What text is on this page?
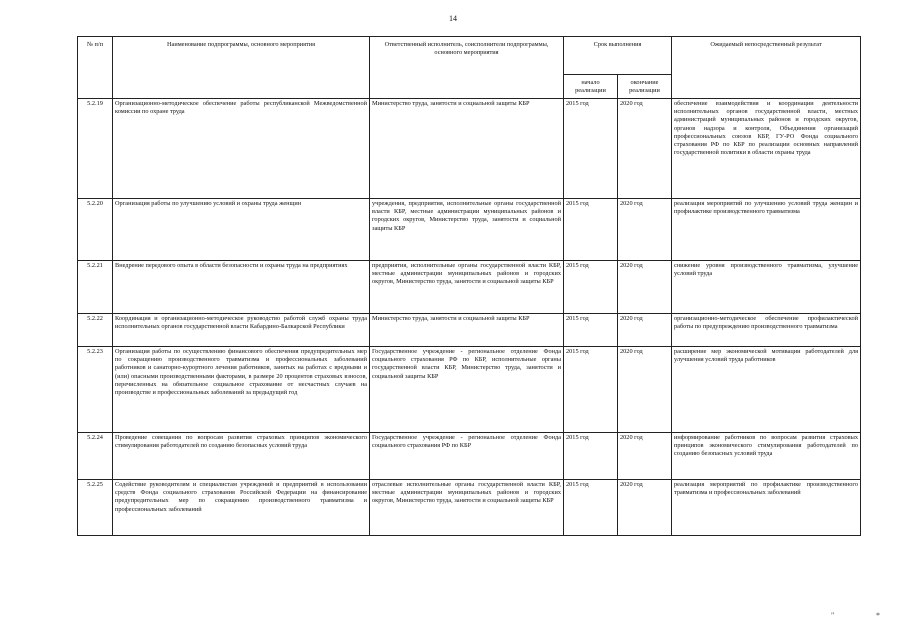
14
№ п/п	Наименование подпрограммы, основного мероприятия	Ответственный исполнитель, соисполнители подпрограммы, основного мероприятия	Срок выполнения		Ожидаемый непосредственный результат
			начало реализации	окончание реализации	
5.2.19	Организационно-методическое обеспечение работы республиканской Межведомственной комиссии по охране труда	Министерство труда, занятости и социальной защиты КБР	2015 год	2020 год	обеспечение взаимодействия и координации деятельности исполнительных органов государственной власти, местных администраций муниципальных районов и городских округов, органов надзора и контроля, Объединения организаций профессиональных союзов КБР, ГУ-РО Фонда социального страхования РФ по КБР по реализации основных направлений государственной политики в области охраны труда
5.2.20	Организация работы по улучшению условий и охраны труда женщин	учреждения, предприятия, исполнительные органы государственной власти КБР, местные администрации муниципальных районов и городских округов, Министерство труда, занятости и социальной защиты КБР	2015 год	2020 год	реализация мероприятий по улучшению условий труда женщин и профилактике производственного травматизма
5.2.21	Внедрение передового опыта в области безопасности и охраны труда на предприятиях	предприятия, исполнительные органы государственной власти КБР, местные администрации муниципальных районов и городских округов, Министерство труда, занятости и социальной защиты КБР	2015 год	2020 год	снижение уровня производственного травматизма, улучшение условий труда
5.2.22	Координация и организационно-методическое руководство работой служб охраны труда исполнительных органов государственной власти Кабардино-Балкарской Республики	Министерство труда, занятости и социальной защиты КБР	2015 год	2020 год	организационно-методическое обеспечение профилактической работы по предупреждению производственного травматизма
5.2.23	Организация работы по осуществлению финансового обеспечения предупредительных мер по сокращению производственного травматизма и профессиональных заболеваний работников и санаторно-курортного лечения работников, занятых на работах с вредными и (или) опасными производственными факторами, в размере 20 процентов страховых взносов, перечисленных на обязательное социальное страхование от несчастных случаев на производстве и профессиональных заболеваний за предыдущий год	Государственное учреждение - региональное отделение Фонда социального страхования РФ по КБР, исполнительные органы государственной власти КБР, Министерство труда, занятости и социальной защиты КБР	2015 год	2020 год	расширение мер экономической мотивации работодателей для улучшения условий труда работников
5.2.24	Проведение совещания по вопросам развития страховых принципов экономического стимулирования работодателей по созданию безопасных условий труда	Государственное учреждение - региональное отделение Фонда социального страхования РФ по КБР	2015 год	2020 год	информирование работников по вопросам развития страховых принципов экономического стимулирования работодателей по созданию безопасных условий труда
5.2.25	Содействие руководителям и специалистам учреждений и предприятий в использовании средств Фонда социального страхования Российской Федерации на финансирование предупредительных мер по сокращению производственного травматизма и профессиональных заболеваний	отраслевые исполнительные органы государственной власти КБР, местные администрации муниципальных районов и городских округов, Министерство труда, занятости и социальной защиты КБР	2015 год	2020 год	реализация мероприятий по профилактике производственного травматизма и профессиональных заболеваний
"	*
